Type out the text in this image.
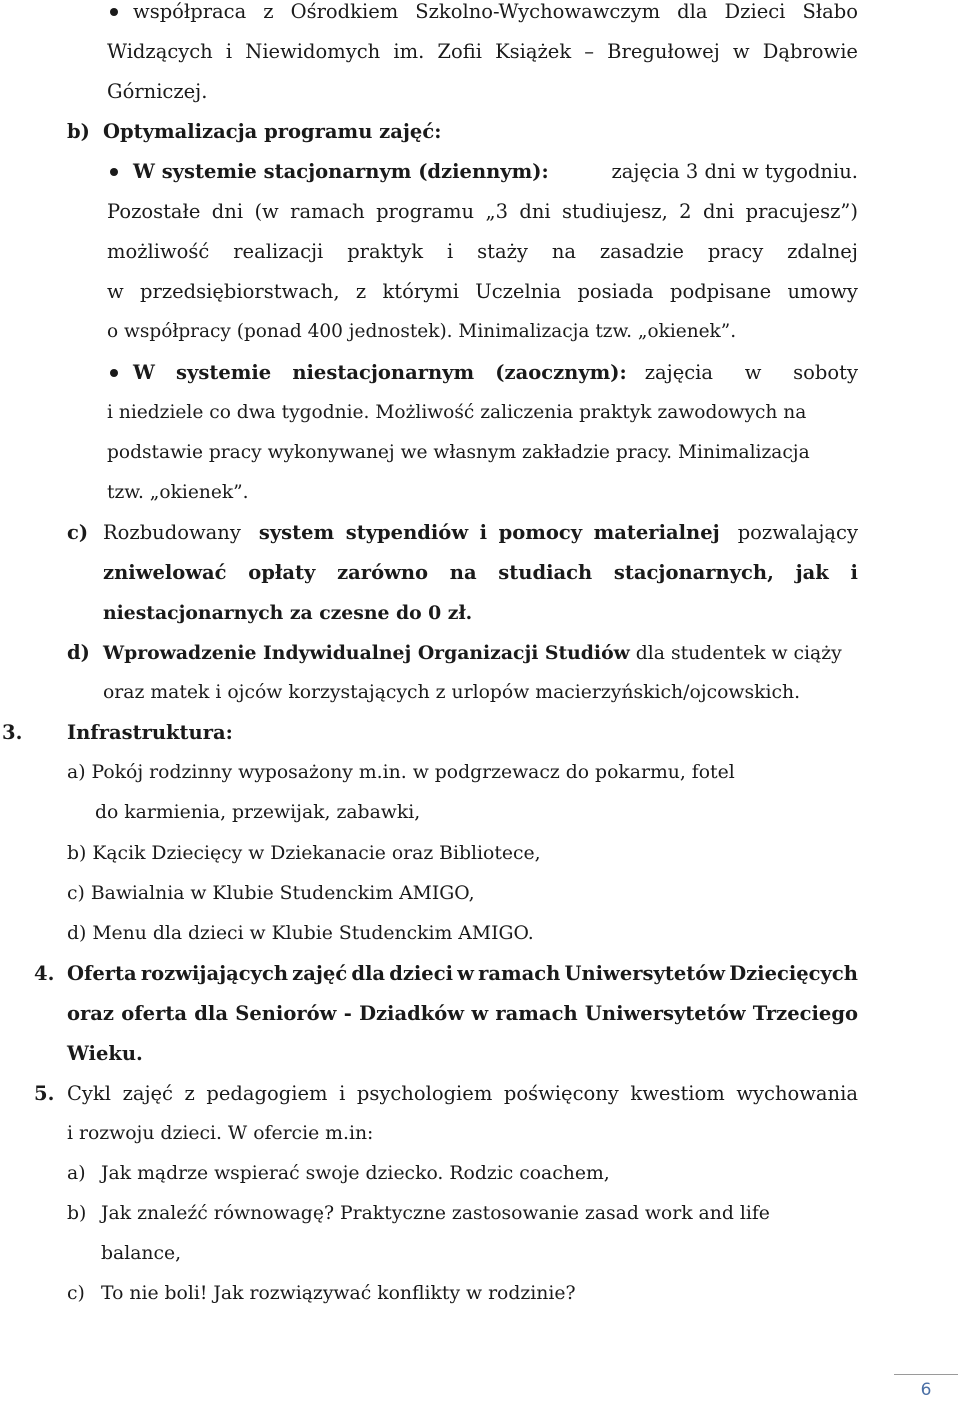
współpraca z Ośrodkiem Szkolno-Wychowawczym dla Dzieci Słabo
Widzących i Niewidomych im. Zofii Książek – Bregułowej w Dąbrowie
Górniczej.
b) Optymalizacja programu zajęć:
W systemie stacjonarnym (dziennym):	zajęcia 3 dni w tygodniu.
Pozostałe dni (w ramach programu „3 dni studiujesz, 2 dni pracujesz”)
możliwość realizacji praktyk i staży na zasadzie pracy zdalnej
w przedsiębiorstwach, z którymi Uczelnia posiada podpisane umowy
o współpracy (ponad 400 jednostek). Minimalizacja tzw. „okienek”.
W systemie niestacjonarnym (zaocznym): zajęcia w soboty
i niedziele co dwa tygodnie. Możliwość zaliczenia praktyk zawodowych na
podstawie pracy wykonywanej we własnym zakładzie pracy. Minimalizacja
tzw. „okienek”.
c) Rozbudowany system stypendiów i pomocy materialnej pozwalający
zniwelować opłaty zarówno na studiach stacjonarnych, jak i
niestacjonarnych za czesne do 0 zł.
d) Wprowadzenie Indywidualnej Organizacji Studiów dla studentek w ciąży
oraz matek i ojców korzystających z urlopów macierzyńskich/ojcowskich.
3. Infrastruktura:
a) Pokój rodzinny wyposażony m.in. w podgrzewacz do pokarmu, fotel
do karmienia, przewijak, zabawki,
b) Kącik Dziecięcy w Dziekanacie oraz Bibliotece,
c) Bawialnia w Klubie Studenckim AMIGO,
d) Menu dla dzieci w Klubie Studenckim AMIGO.
4. Oferta rozwijających zajęć dla dzieci w ramach Uniwersytetów Dziecięcych
oraz oferta dla Seniorów - Dziadków w ramach Uniwersytetów Trzeciego
Wieku.
5. Cykl zajęć z pedagogiem i psychologiem poświęcony kwestiom wychowania
i rozwoju dzieci. W ofercie m.in:
a) Jak mądrze wspierać swoje dziecko. Rodzic coachem,
b) Jak znaleźć równowagę? Praktyczne zastosowanie zasad work and life
balance,
c) To nie boli! Jak rozwiązywać konflikty w rodzinie?
6
